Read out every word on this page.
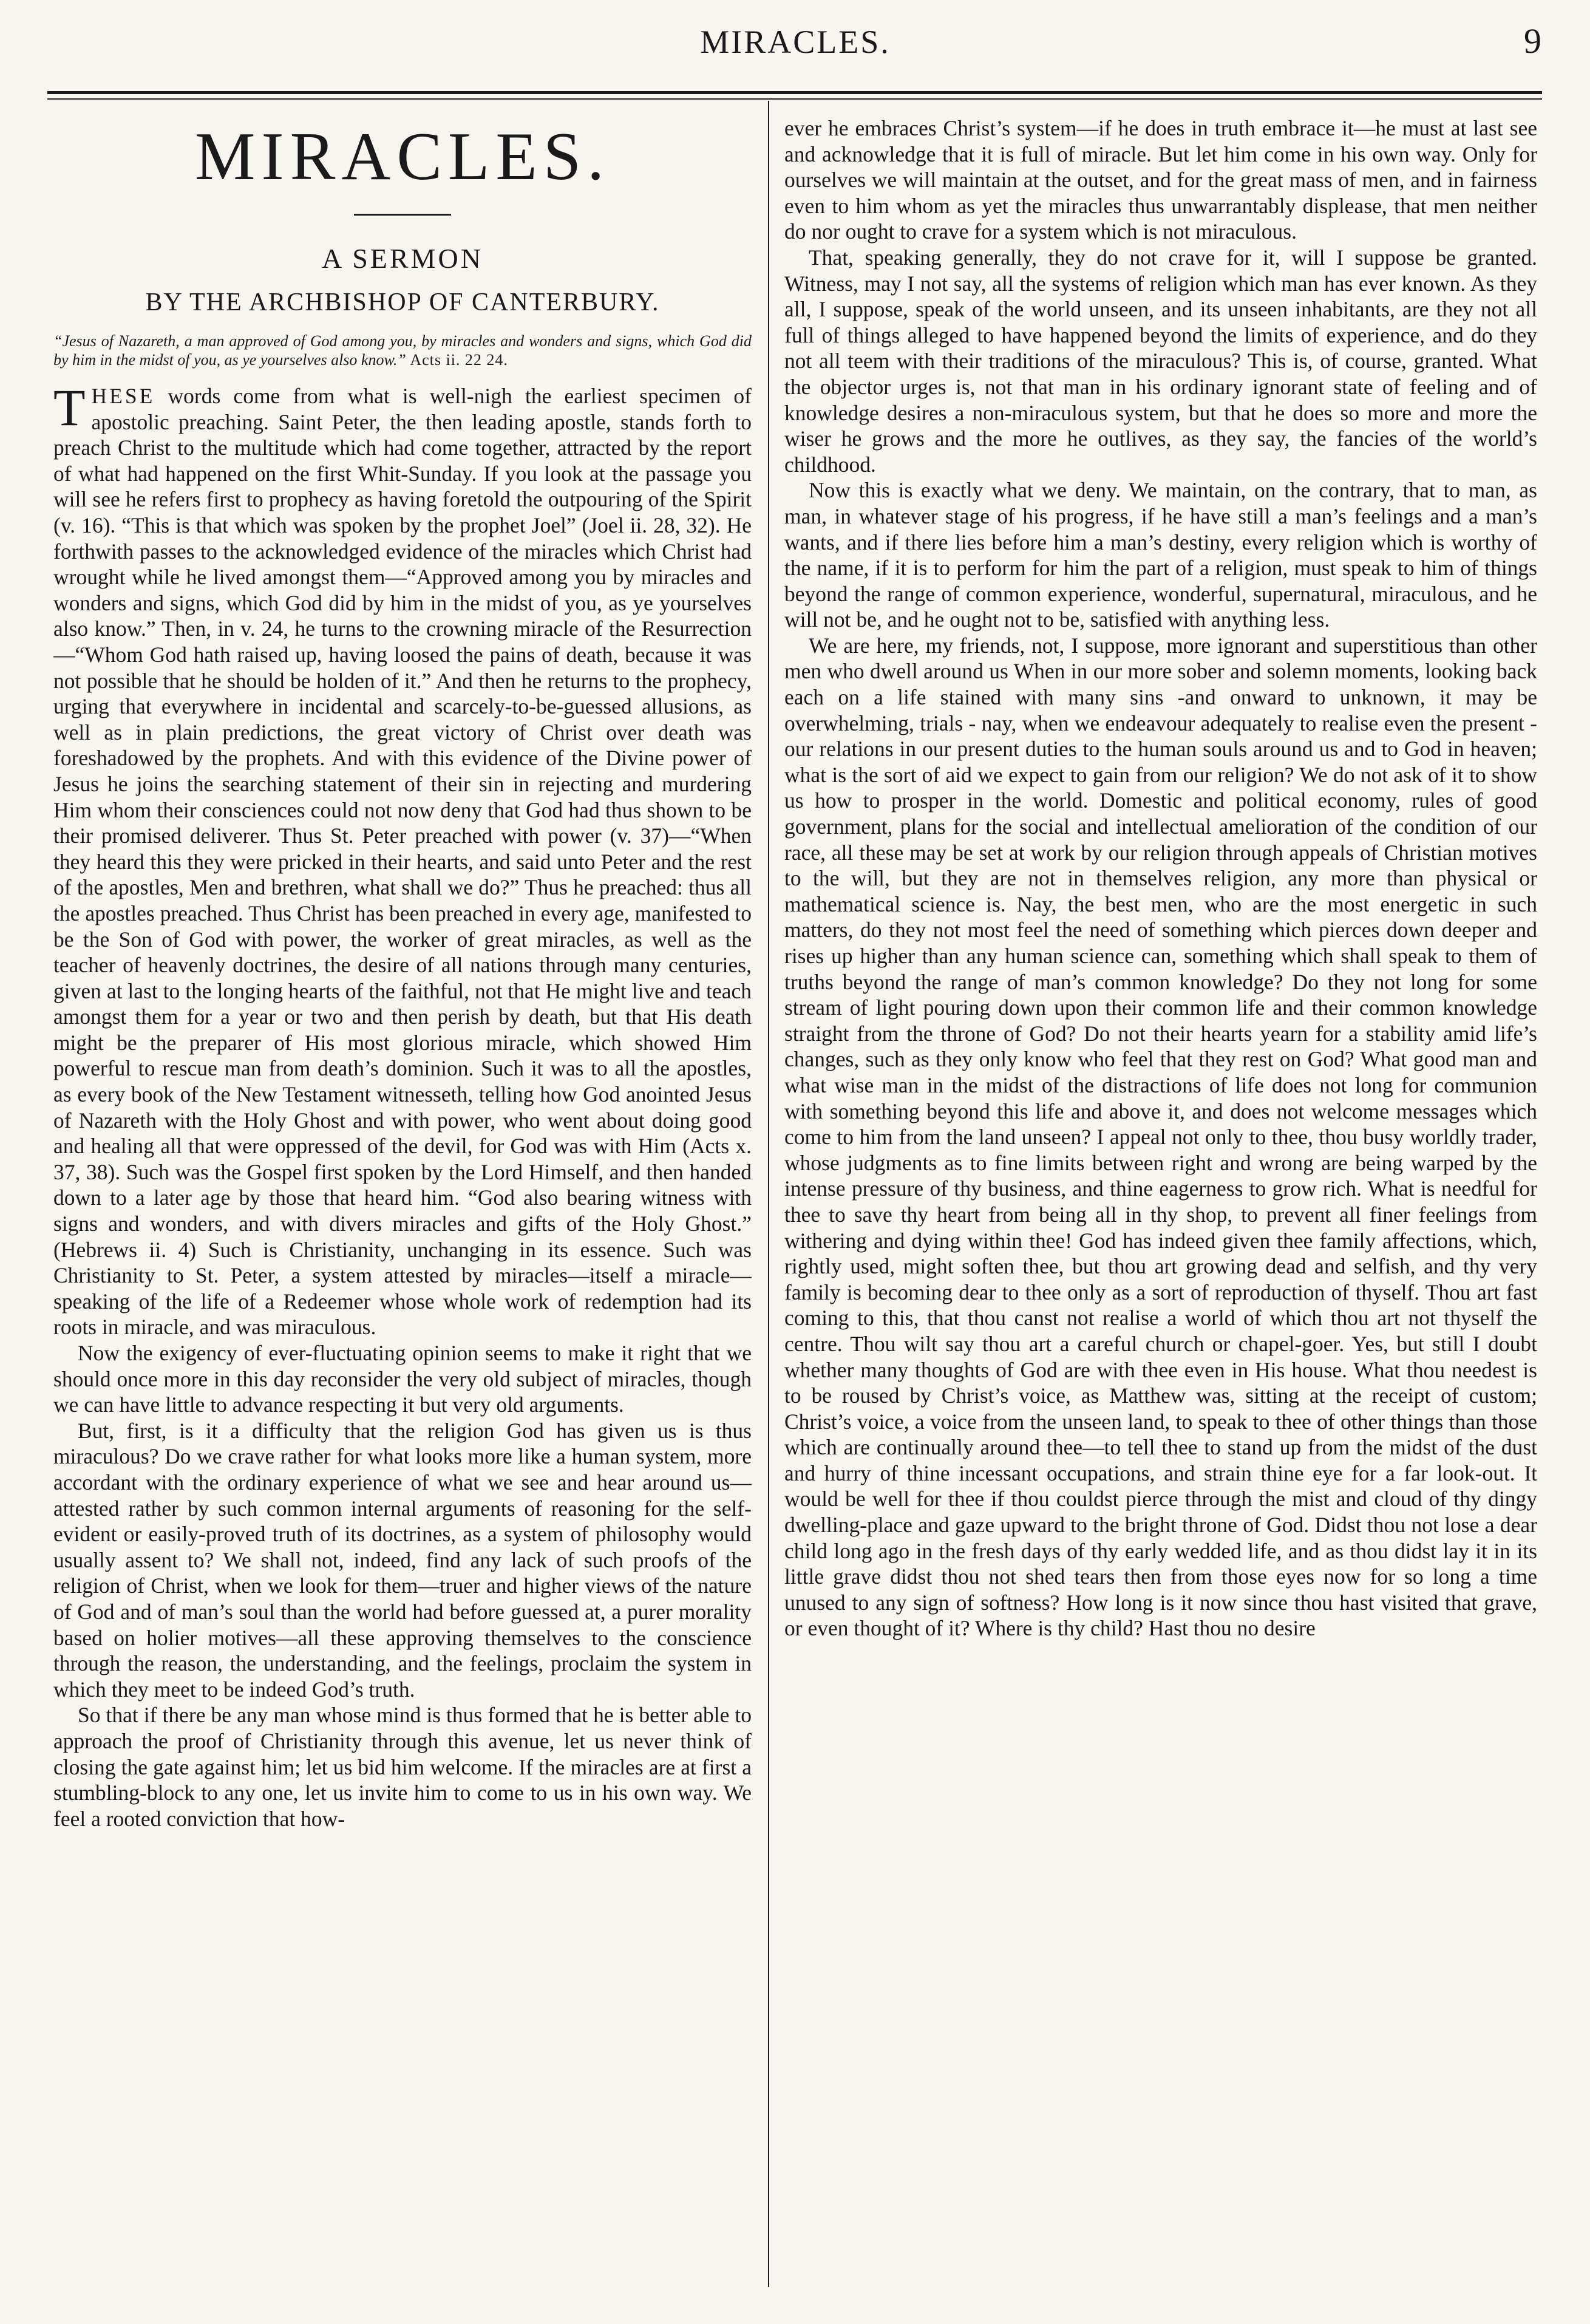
MIRACLES.	9
MIRACLES.
A SERMON
BY THE ARCHBISHOP OF CANTERBURY.
“Jesus of Nazareth, a man approved of God among you, by miracles and wonders and signs, which God did by him in the midst of you, as ye yourselves also know.” Acts ii. 22 24.

THESE words come from what is well-nigh the earliest specimen of apostolic preaching. Saint Peter, the then leading apostle, stands forth to preach Christ to the multitude which had come together, attracted by the report of what had happened on the first Whit-Sunday. If you look at the passage you will see he refers first to prophecy as having foretold the outpouring of the Spirit (v. 16). “This is that which was spoken by the prophet Joel” (Joel ii. 28, 32). He forthwith passes to the acknowledged evidence of the miracles which Christ had wrought while he lived amongst them—“Approved among you by miracles and wonders and signs, which God did by him in the midst of you, as ye yourselves also know.” Then, in v. 24, he turns to the crowning miracle of the Resurrection—“Whom God hath raised up, having loosed the pains of death, because it was not possible that he should be holden of it.” And then he returns to the prophecy, urging that everywhere in incidental and scarcely-to-be-guessed allusions, as well as in plain predictions, the great victory of Christ over death was foreshadowed by the prophets. And with this evidence of the Divine power of Jesus he joins the searching statement of their sin in rejecting and murdering Him whom their consciences could not now deny that God had thus shown to be their promised deliverer. Thus St. Peter preached with power (v. 37)—“When they heard this they were pricked in their hearts, and said unto Peter and the rest of the apostles, Men and brethren, what shall we do?” Thus he preached: thus all the apostles preached. Thus Christ has been preached in every age, manifested to be the Son of God with power, the worker of great miracles, as well as the teacher of heavenly doctrines, the desire of all nations through many centuries, given at last to the longing hearts of the faithful, not that He might live and teach amongst them for a year or two and then perish by death, but that His death might be the preparer of His most glorious miracle, which showed Him powerful to rescue man from death’s dominion. Such it was to all the apostles, as every book of the New Testament witnesseth, telling how God anointed Jesus of Nazareth with the Holy Ghost and with power, who went about doing good and healing all that were oppressed of the devil, for God was with Him (Acts x. 37, 38). Such was the Gospel first spoken by the Lord Himself, and then handed down to a later age by those that heard him. “God also bearing witness with signs and wonders, and with divers miracles and gifts of the Holy Ghost.” (Hebrews ii. 4) Such is Christianity, unchanging in its essence. Such was Christianity to St. Peter, a system attested by miracles—itself a miracle—speaking of the life of a Redeemer whose whole work of redemption had its roots in miracle, and was miraculous.

Now the exigency of ever-fluctuating opinion seems to make it right that we should once more in this day reconsider the very old subject of miracles, though we can have little to advance respecting it but very old arguments.

But, first, is it a difficulty that the religion God has given us is thus miraculous? Do we crave rather for what looks more like a human system, more accordant with the ordinary experience of what we see and hear around us—attested rather by such common internal arguments of reasoning for the self-evident or easily-proved truth of its doctrines, as a system of philosophy would usually assent to? We shall not, indeed, find any lack of such proofs of the religion of Christ, when we look for them—truer and higher views of the nature of God and of man’s soul than the world had before guessed at, a purer morality based on holier motives—all these approving themselves to the conscience through the reason, the understanding, and the feelings, proclaim the system in which they meet to be indeed God’s truth.

So that if there be any man whose mind is thus formed that he is better able to approach the proof of Christianity through this avenue, let us never think of closing the gate against him; let us bid him welcome. If the miracles are at first a stumbling-block to any one, let us invite him to come to us in his own way. We feel a rooted conviction that how-

ever he embraces Christ’s system—if he does in truth embrace it—he must at last see and acknowledge that it is full of miracle. But let him come in his own way. Only for ourselves we will maintain at the outset, and for the great mass of men, and in fairness even to him whom as yet the miracles thus unwarrantably displease, that men neither do nor ought to crave for a system which is not miraculous.

That, speaking generally, they do not crave for it, will I suppose be granted. Witness, may I not say, all the systems of religion which man has ever known. As they all, I suppose, speak of the world unseen, and its unseen inhabitants, are they not all full of things alleged to have happened beyond the limits of experience, and do they not all teem with their traditions of the miraculous? This is, of course, granted. What the objector urges is, not that man in his ordinary ignorant state of feeling and of knowledge desires a non-miraculous system, but that he does so more and more the wiser he grows and the more he outlives, as they say, the fancies of the world’s childhood.

Now this is exactly what we deny. We maintain, on the contrary, that to man, as man, in whatever stage of his progress, if he have still a man’s feelings and a man’s wants, and if there lies before him a man’s destiny, every religion which is worthy of the name, if it is to perform for him the part of a religion, must speak to him of things beyond the range of common experience, wonderful, supernatural, miraculous, and he will not be, and he ought not to be, satisfied with anything less.

We are here, my friends, not, I suppose, more ignorant and superstitious than other men who dwell around us When in our more sober and solemn moments, looking back each on a life stained with many sins -and onward to unknown, it may be overwhelming, trials - nay, when we endeavour adequately to realise even the present - our relations in our present duties to the human souls around us and to God in heaven; what is the sort of aid we expect to gain from our religion? We do not ask of it to show us how to prosper in the world. Domestic and political economy, rules of good government, plans for the social and intellectual amelioration of the condition of our race, all these may be set at work by our religion through appeals of Christian motives to the will, but they are not in themselves religion, any more than physical or mathematical science is. Nay, the best men, who are the most energetic in such matters, do they not most feel the need of something which pierces down deeper and rises up higher than any human science can, something which shall speak to them of truths beyond the range of man’s common knowledge? Do they not long for some stream of light pouring down upon their common life and their common knowledge straight from the throne of God? Do not their hearts yearn for a stability amid life’s changes, such as they only know who feel that they rest on God? What good man and what wise man in the midst of the distractions of life does not long for communion with something beyond this life and above it, and does not welcome messages which come to him from the land unseen? I appeal not only to thee, thou busy worldly trader, whose judgments as to fine limits between right and wrong are being warped by the intense pressure of thy business, and thine eagerness to grow rich. What is needful for thee to save thy heart from being all in thy shop, to prevent all finer feelings from withering and dying within thee! God has indeed given thee family affections, which, rightly used, might soften thee, but thou art growing dead and selfish, and thy very family is becoming dear to thee only as a sort of reproduction of thyself. Thou art fast coming to this, that thou canst not realise a world of which thou art not thyself the centre. Thou wilt say thou art a careful church or chapel-goer. Yes, but still I doubt whether many thoughts of God are with thee even in His house. What thou needest is to be roused by Christ’s voice, as Matthew was, sitting at the receipt of custom; Christ’s voice, a voice from the unseen land, to speak to thee of other things than those which are continually around thee—to tell thee to stand up from the midst of the dust and hurry of thine incessant occupations, and strain thine eye for a far look-out. It would be well for thee if thou couldst pierce through the mist and cloud of thy dingy dwelling-place and gaze upward to the bright throne of God. Didst thou not lose a dear child long ago in the fresh days of thy early wedded life, and as thou didst lay it in its little grave didst thou not shed tears then from those eyes now for so long a time unused to any sign of softness? How long is it now since thou hast visited that grave, or even thought of it? Where is thy child? Hast thou no desire
